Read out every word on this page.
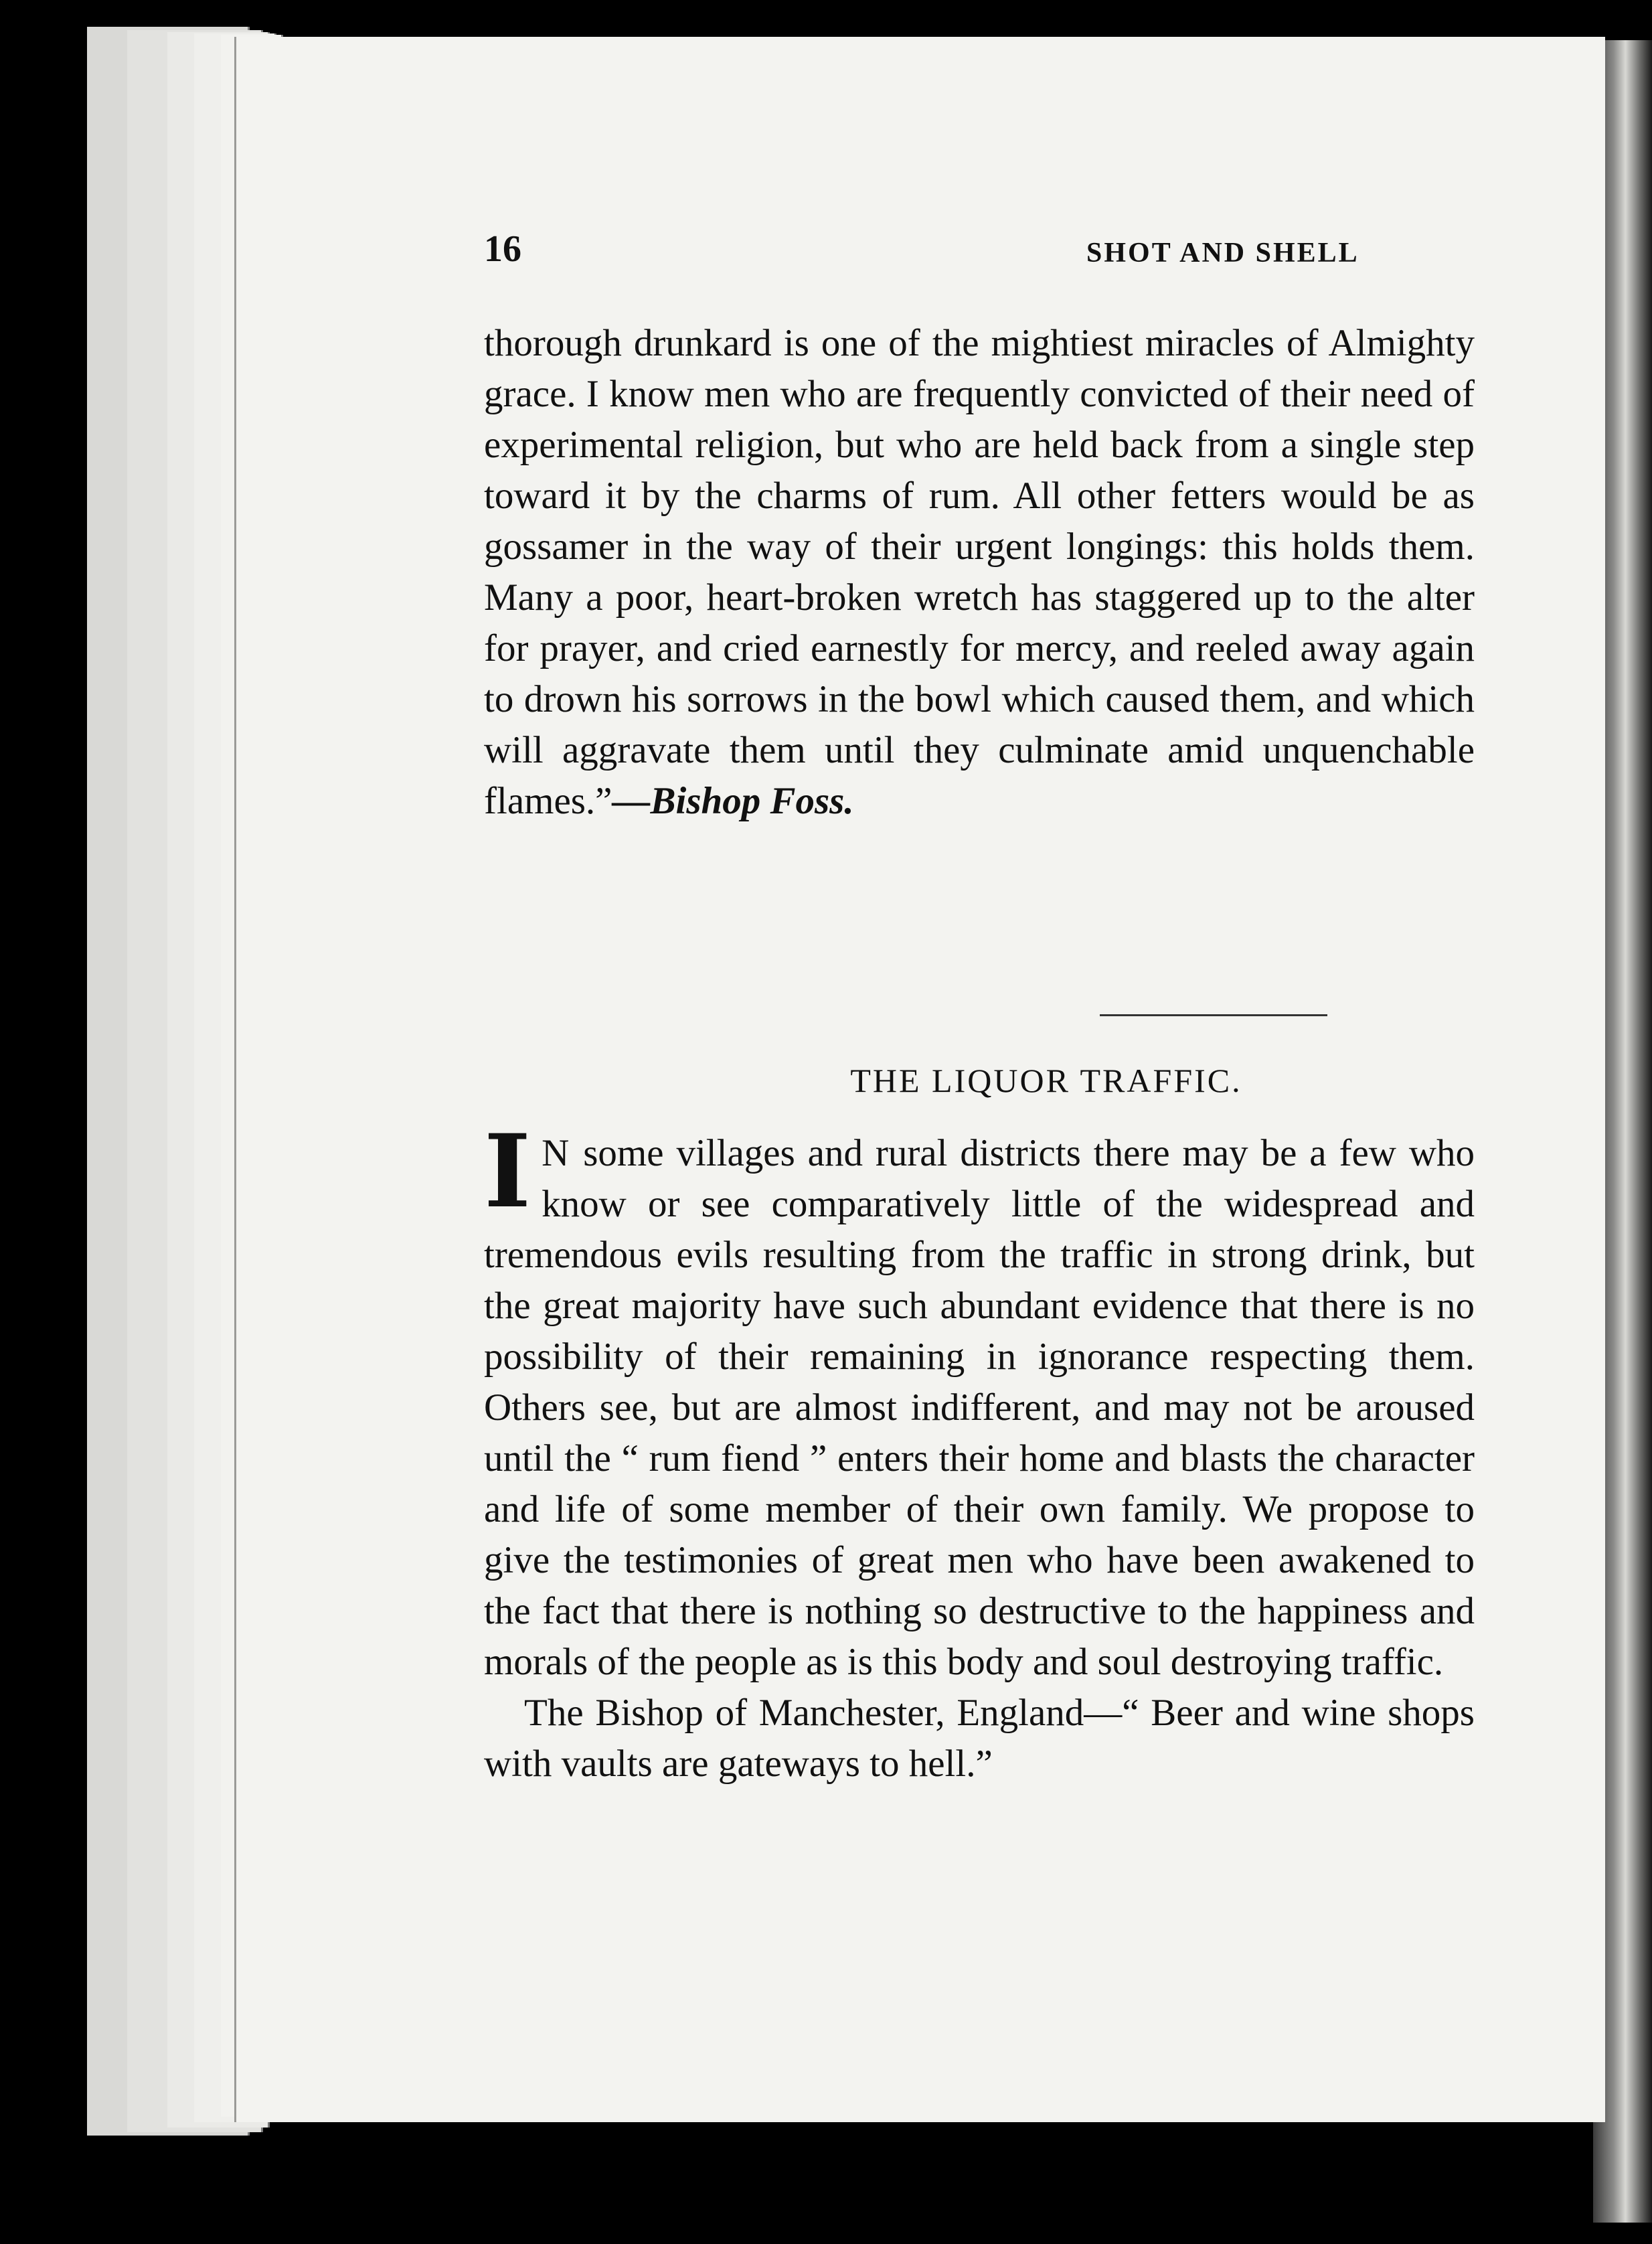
16	SHOT AND SHELL

thorough drunkard is one of the mightiest miracles of Almighty grace. I know men who are frequently convicted of their need of experimental religion, but who are held back from a single step toward it by the charms of rum. All other fetters would be as gossamer in the way of their urgent longings: this holds them. Many a poor, heart-broken wretch has staggered up to the alter for prayer, and cried earnestly for mercy, and reeled away again to drown his sorrows in the bowl which caused them, and which will aggravate them until they culminate amid unquenchable flames.”—Bishop Foss.

THE LIQUOR TRAFFIC.

I N some villages and rural districts there may be a few who know or see comparatively little of the widespread and tremendous evils resulting from the traffic in strong drink, but the great majority have such abundant evidence that there is no possibility of their remaining in ignorance respecting them. Others see, but are almost indifferent, and may not be aroused until the “ rum fiend ” enters their home and blasts the character and life of some member of their own family. We propose to give the testimonies of great men who have been awakened to the fact that there is nothing so destructive to the happiness and morals of the people as is this body and soul destroying traffic.

The Bishop of Manchester, England—“ Beer and wine shops with vaults are gateways to hell.”
